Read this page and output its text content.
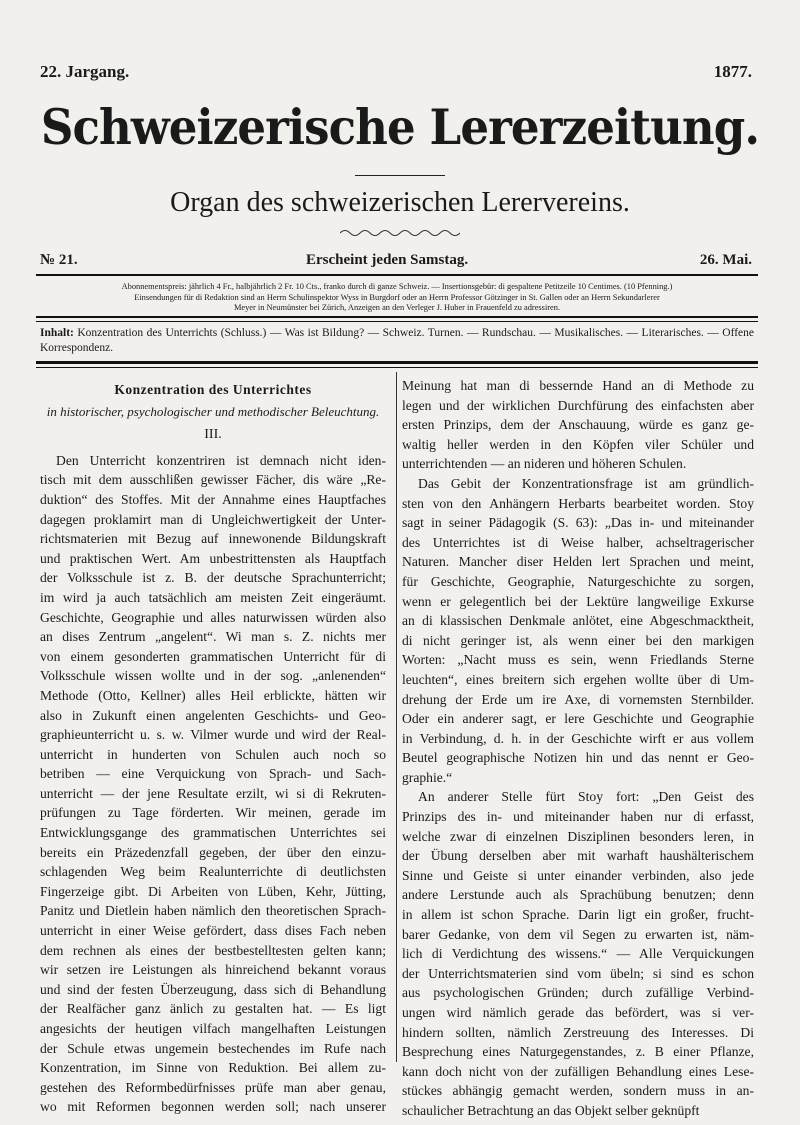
22. Jargang.	1877.
Schweizerische Lererzeitung.
Organ des schweizerischen Lerervereins.
№ 21.	Erscheint jeden Samstag.	26. Mai.

Abonnementspreis: jährlich 4 Fr., halbjährlich 2 Fr. 10 Cts., franko durch di ganze Schweiz. — Insertionsgebür: di gespaltene Petitzeile 10 Centimes. (10 Pfenning.)

Einsendungen für di Redaktion sind an Herrn Schulinspektor Wyss in Burgdorf oder an Herrn Professor Götzinger in St. Gallen oder an Herrn Sekundarlerer

Meyer in Neumünster bei Zürich, Anzeigen an den Verleger J. Huber in Frauenfeld zu adressiren.

Inhalt: Konzentration des Unterrichts (Schluss.) — Was ist Bildung? — Schweiz. Turnen. — Rundschau. — Musikalisches. — Literarisches. — Offene Korrespondenz.
Konzentration des Unterrichtes
in historischer, psychologischer und methodischer Beleuchtung.
III.
Den Unterricht konzentriren ist demnach nicht iden-
tisch mit dem ausschlißen gewisser Fächer, dis wäre „Re-
duktion“ des Stoffes. Mit der Annahme eines Hauptfaches
dagegen proklamirt man di Ungleichwertigkeit der Unter-
richtsmaterien mit Bezug auf innewonende Bildungskraft
und praktischen Wert. Am unbestrittensten als Hauptfach
der Volksschule ist z. B. der deutsche Sprachunterricht;
im wird ja auch tatsächlich am meisten Zeit eingeräumt.
Geschichte, Geographie und alles naturwissen würden also
an dises Zentrum „angelent“. Wi man s. Z. nichts mer
von einem gesonderten grammatischen Unterricht für di
Volksschule wissen wollte und in der sog. „anlenenden“
Methode (Otto, Kellner) alles Heil erblickte, hätten wir
also in Zukunft einen angelenten Geschichts- und Geo-
graphieunterricht u. s. w. Vilmer wurde und wird der Real-
unterricht in hunderten von Schulen auch noch so
betriben — eine Verquickung von Sprach- und Sach-
unterricht — der jene Resultate erzilt, wi si di Rekruten-
prüfungen zu Tage förderten. Wir meinen, gerade im
Entwicklungsgange des grammatischen Unterrichtes sei
bereits ein Präzedenzfall gegeben, der über den einzu-
schlagenden Weg beim Realunterrichte di deutlichsten
Fingerzeige gibt. Di Arbeiten von Lüben, Kehr, Jütting,
Panitz und Dietlein haben nämlich den theoretischen Sprach-
unterricht in einer Weise gefördert, dass dises Fach neben
dem rechnen als eines der bestbestelltesten gelten kann;
wir setzen ire Leistungen als hinreichend bekannt voraus
und sind der festen Überzeugung, dass sich di Behandlung
der Realfächer ganz änlich zu gestalten hat. — Es ligt
angesichts der heutigen vilfach mangelhaften Leistungen
der Schule etwas ungemein bestechendes im Rufe nach
Konzentration, im Sinne von Reduktion. Bei allem zu-
gestehen des Reformbedürfnisses prüfe man aber genau,
wo mit Reformen begonnen werden soll; nach unserer
Meinung hat man di bessernde Hand an di Methode zu
legen und der wirklichen Durchfürung des einfachsten aber
ersten Prinzips, dem der Anschauung, würde es ganz ge-
waltig heller werden in den Köpfen viler Schüler und
unterrichtenden — an nideren und höheren Schulen.
Das Gebit der Konzentrationsfrage ist am gründlich-
sten von den Anhängern Herbarts bearbeitet worden. Stoy
sagt in seiner Pädagogik (S. 63): „Das in- und miteinander
des Unterrichtes ist di Weise halber, achseltragerischer
Naturen. Mancher diser Helden lert Sprachen und meint,
für Geschichte, Geographie, Naturgeschichte zu sorgen,
wenn er gelegentlich bei der Lektüre langweilige Exkurse
an di klassischen Denkmale anlötet, eine Abgeschmacktheit,
di nicht geringer ist, als wenn einer bei den markigen
Worten: „Nacht muss es sein, wenn Friedlands Sterne
leuchten“, eines breitern sich ergehen wollte über di Um-
drehung der Erde um ire Axe, di vornemsten Sternbilder.
Oder ein anderer sagt, er lere Geschichte und Geographie
in Verbindung, d. h. in der Geschichte wirft er aus vollem
Beutel geographische Notizen hin und das nennt er Geo-
graphie.“
An anderer Stelle fürt Stoy fort: „Den Geist des
Prinzips des in- und miteinander haben nur di erfasst,
welche zwar di einzelnen Disziplinen besonders leren, in
der Übung derselben aber mit warhaft haushälterischem
Sinne und Geiste si unter einander verbinden, also jede
andere Lerstunde auch als Sprachübung benutzen; denn
in allem ist schon Sprache. Darin ligt ein großer, frucht-
barer Gedanke, von dem vil Segen zu erwarten ist, näm-
lich di Verdichtung des wissens.“ — Alle Verquickungen
der Unterrichtsmaterien sind vom übeln; si sind es schon
aus psychologischen Gründen; durch zufällige Verbind-
ungen wird nämlich gerade das befördert, was si ver-
hindern sollten, nämlich Zerstreuung des Interesses. Di
Besprechung eines Naturgegenstandes, z. B einer Pflanze,
kann doch nicht von der zufälligen Behandlung eines Lese-
stückes abhängig gemacht werden, sondern muss in an-
schaulicher Betrachtung an das Objekt selber geknüpft
